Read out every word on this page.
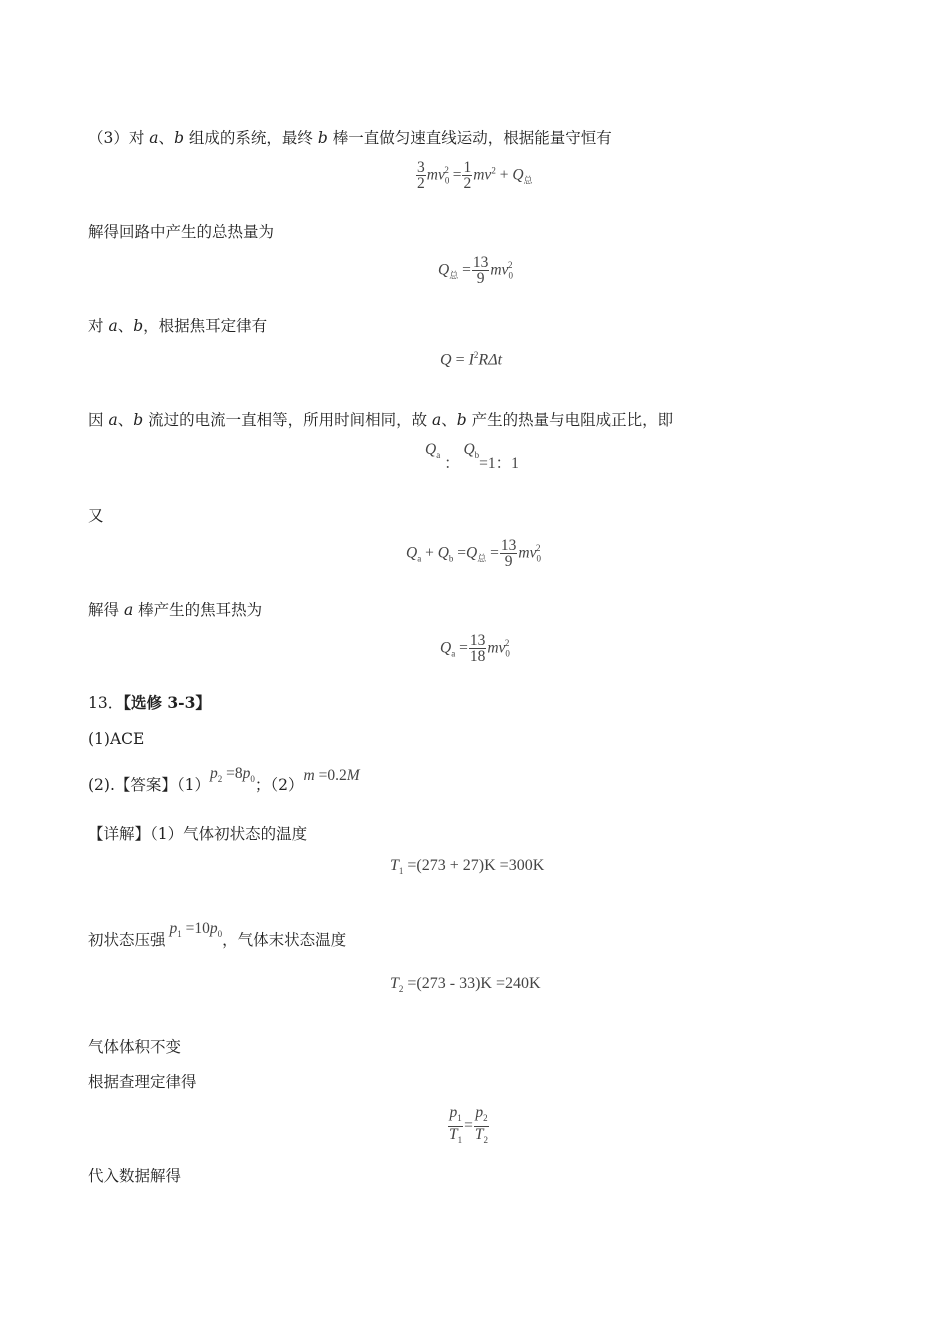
（3）对 a、b 组成的系统，最终 b 棒一直做匀速直线运动，根据能量守恒有
$\frac{3}{2} mv_0^2 = \frac{1}{2} mv^2 + Q_总$
解得回路中产生的总热量为
$Q_总 = \frac{13}{9} mv_0^2$
对 a、b，根据焦耳定律有
$Q = I^2R\Delta t$
因 a、b 流过的电流一直相等，所用时间相同，故 a、b 产生的热量与电阻成正比，即
$Q_a$ ： $Q_b=1$：1
又
$Q_a + Q_b =Q_总 = \frac{13}{9} mv_0^2$
解得 a 棒产生的焦耳热为
$Q_a = \frac{13}{18} mv_0^2$
13．【选修 3-3】
(1)ACE
(2).【答案】$(1)p_2 =8p_0$；（2）m =0.2M
【详解】（1）气体初状态的温度
$T_1 =(273 + 27)K =300K$
初状态压强$p_1 =10p_0$，气体末状态温度
$T_2 =(273 - 33)K =240K$
气体体积不变
根据查理定律得
$\frac{p_1}{T_1} = \frac{p_2}{T_2}$
代入数据解得
